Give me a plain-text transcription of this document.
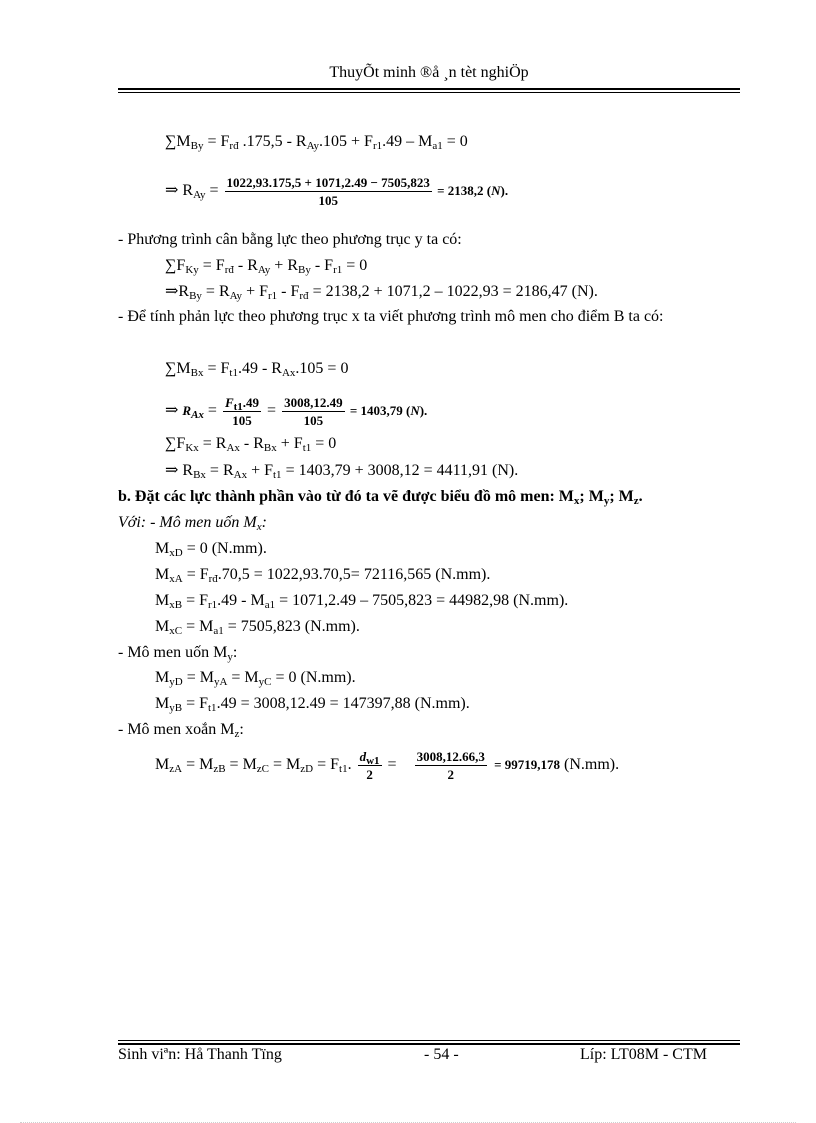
ThuyÕt minh ®å ¸n tèt nghiÖp
$\sum M_{By} = F_{rđ}$ $.175,5 - R_{Ay}.105 + F_{r1}.49 - M_{a1} = 0$
⇒ $R_{Ay} = \frac{1022,93.175,5 + 1071,2.49 - 7505,823}{105} = 2138,2$ (N).
- Phương trình cân bằng lực theo phương trục y ta có:
$\sum F_{Ky} = F_{rđ} - R_{Ay} + R_{By} - F_{r1} = 0$
$\Rightarrow R_{By} = R_{Ay} + F_{r1} - F_{rđ} = 2138,2 + 1071,2 - 1022,93 = 2186,47$ (N).
- Để tính phản lực theo phương trục x ta viết phương trình mô men cho điểm B ta có:
$\sum M_{Bx} = F_{t1}.49 - R_{Ax}.105 = 0$
⇒ $R_{Ax} = \frac{F_{t1}.49}{105} = \frac{3008,12.49}{105} = 1403,79$ (N).
$\sum F_{Kx} = R_{Ax} - R_{Bx} + F_{t1} = 0$
⇒ $R_{Bx} = R_{Ax} + F_{t1} = 1403,79 + 3008,12 = 4411,91$ (N).
b. Đặt các lực thành phần vào từ đó ta vẽ được biểu đồ mô men: $M_x$; $M_y$; $M_z$.
Với: - Mô men uốn $M_x$:
$M_{xD} = 0$ (N.mm).
$M_{xA} = F_{rđ}.70,5 = 1022,93.70,5= 72116,565$ (N.mm).
$M_{xB} = F_{r1}.49 - M_{a1} = 1071,2.49 - 7505,823 = 44982,98$ (N.mm).
$M_{xC} = M_{a1} = 7505,823$ (N.mm).
- Mô men uốn $M_y$:
$M_{yD} = M_{yA} = M_{yC} = 0$ (N.mm).
$M_{yB} = F_{t1}.49 = 3008,12.49 = 147397,88$ (N.mm).
- Mô men xoắn $M_z$:
$M_{zA} = M_{zB} = M_{zC} = M_{zD} = F_{t1}$. $\frac{d_{w1}}{2} = \frac{3008,12.66,3}{2} = 99719,178$ (N.mm).
Sinh viªn: Hå Thanh Tïng	- 54 -	Líp: LT08M - CTM
